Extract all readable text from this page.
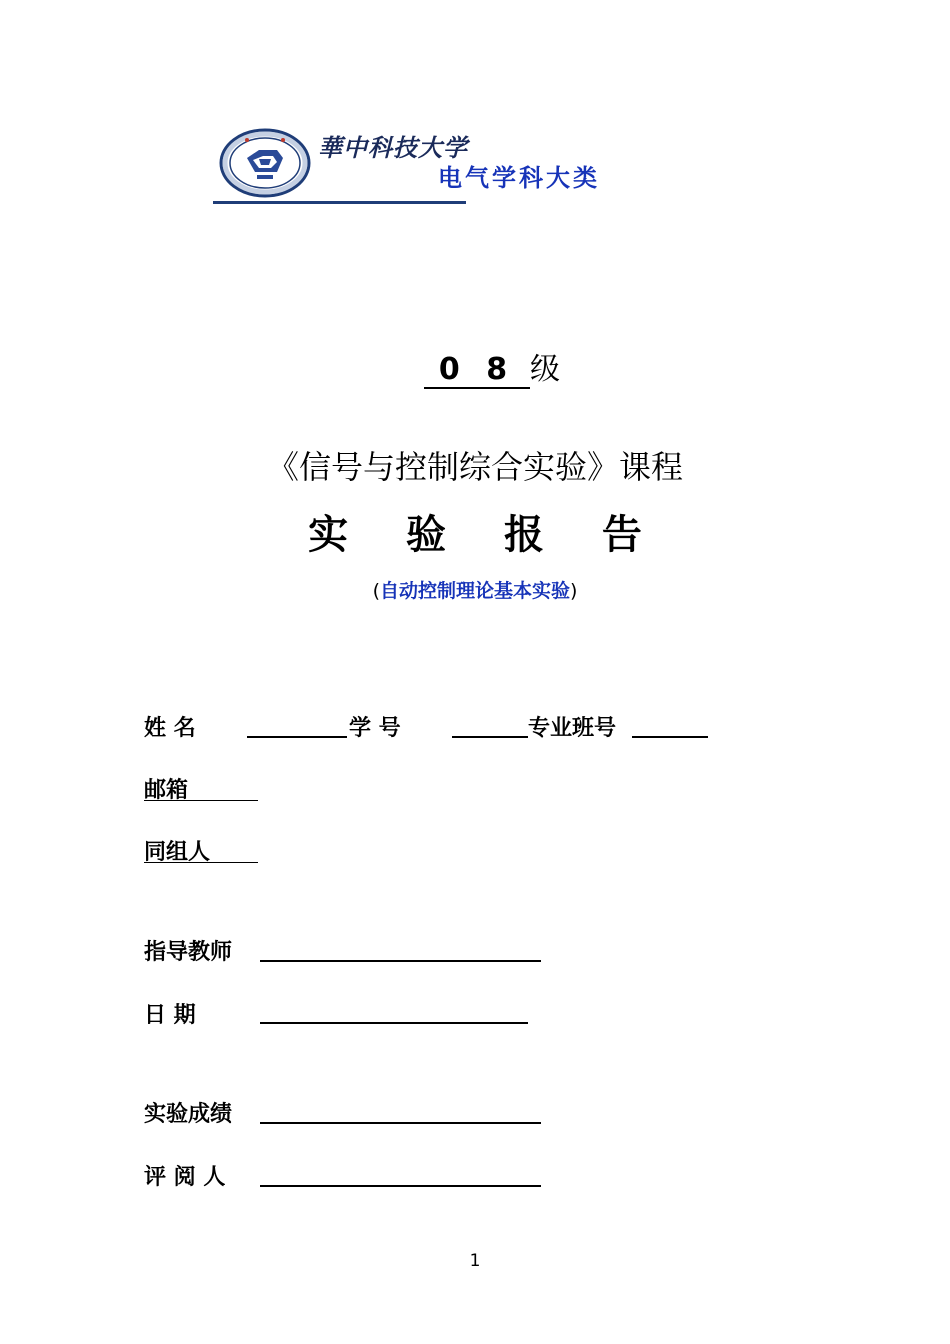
華中科技大学
电气学科大类
0 8 级
《信号与控制综合实验》课程
实 验 报 告
(自动控制理论基本实验)
姓 名	学 号	专业班号
邮箱
同组人
指导教师
日 期
实验成绩
评 阅 人
1
